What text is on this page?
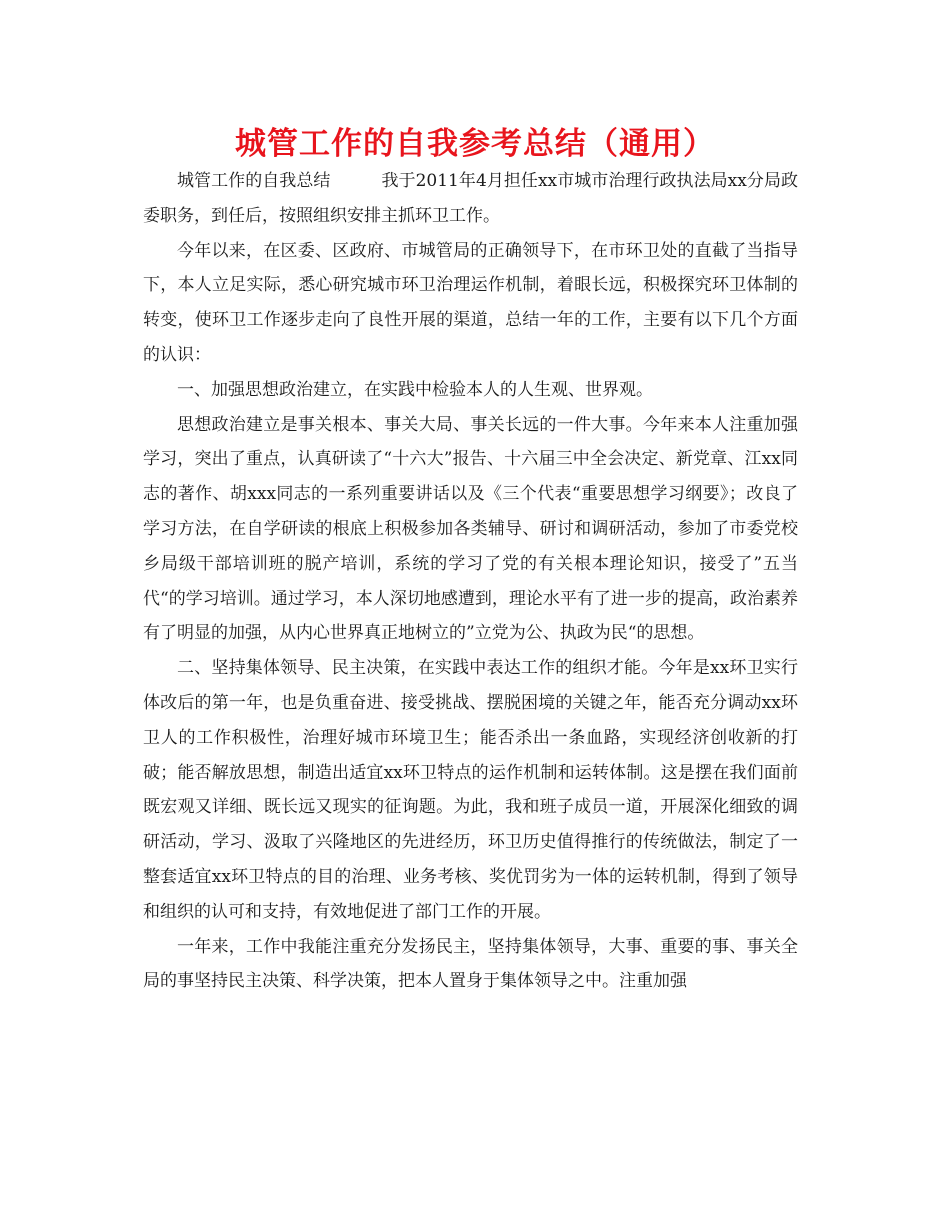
城管工作的自我参考总结（通用）

城管工作的自我总结	我于2011年4月担任xx市城市治理行政执法局xx分局政委职务，到任后，按照组织安排主抓环卫工作。

今年以来，在区委、区政府、市城管局的正确领导下，在市环卫处的直截了当指导下，本人立足实际，悉心研究城市环卫治理运作机制，着眼长远，积极探究环卫体制的转变，使环卫工作逐步走向了良性开展的渠道，总结一年的工作，主要有以下几个方面的认识：

一、加强思想政治建立，在实践中检验本人的人生观、世界观。

思想政治建立是事关根本、事关大局、事关长远的一件大事。今年来本人注重加强学习，突出了重点，认真研读了“十六大”报告、十六届三中全会决定、新党章、江xx同志的著作、胡xxx同志的一系列重要讲话以及《三个代表“重要思想学习纲要》；改良了学习方法，在自学研读的根底上积极参加各类辅导、研讨和调研活动，参加了市委党校乡局级干部培训班的脱产培训，系统的学习了党的有关根本理论知识，接受了”五当代“的学习培训。通过学习，本人深切地感遭到，理论水平有了进一步的提高，政治素养有了明显的加强，从内心世界真正地树立的”立党为公、执政为民“的思想。

二、坚持集体领导、民主决策，在实践中表达工作的组织才能。今年是xx环卫实行体改后的第一年，也是负重奋进、接受挑战、摆脱困境的关键之年，能否充分调动xx环卫人的工作积极性，治理好城市环境卫生；能否杀出一条血路，实现经济创收新的打破；能否解放思想，制造出适宜xx环卫特点的运作机制和运转体制。这是摆在我们面前既宏观又详细、既长远又现实的征询题。为此，我和班子成员一道，开展深化细致的调研活动，学习、汲取了兴隆地区的先进经历，环卫历史值得推行的传统做法，制定了一整套适宜xx环卫特点的目的治理、业务考核、奖优罚劣为一体的运转机制，得到了领导和组织的认可和支持，有效地促进了部门工作的开展。

一年来，工作中我能注重充分发扬民主，坚持集体领导，大事、重要的事、事关全局的事坚持民主决策、科学决策，把本人置身于集体领导之中。注重加强
